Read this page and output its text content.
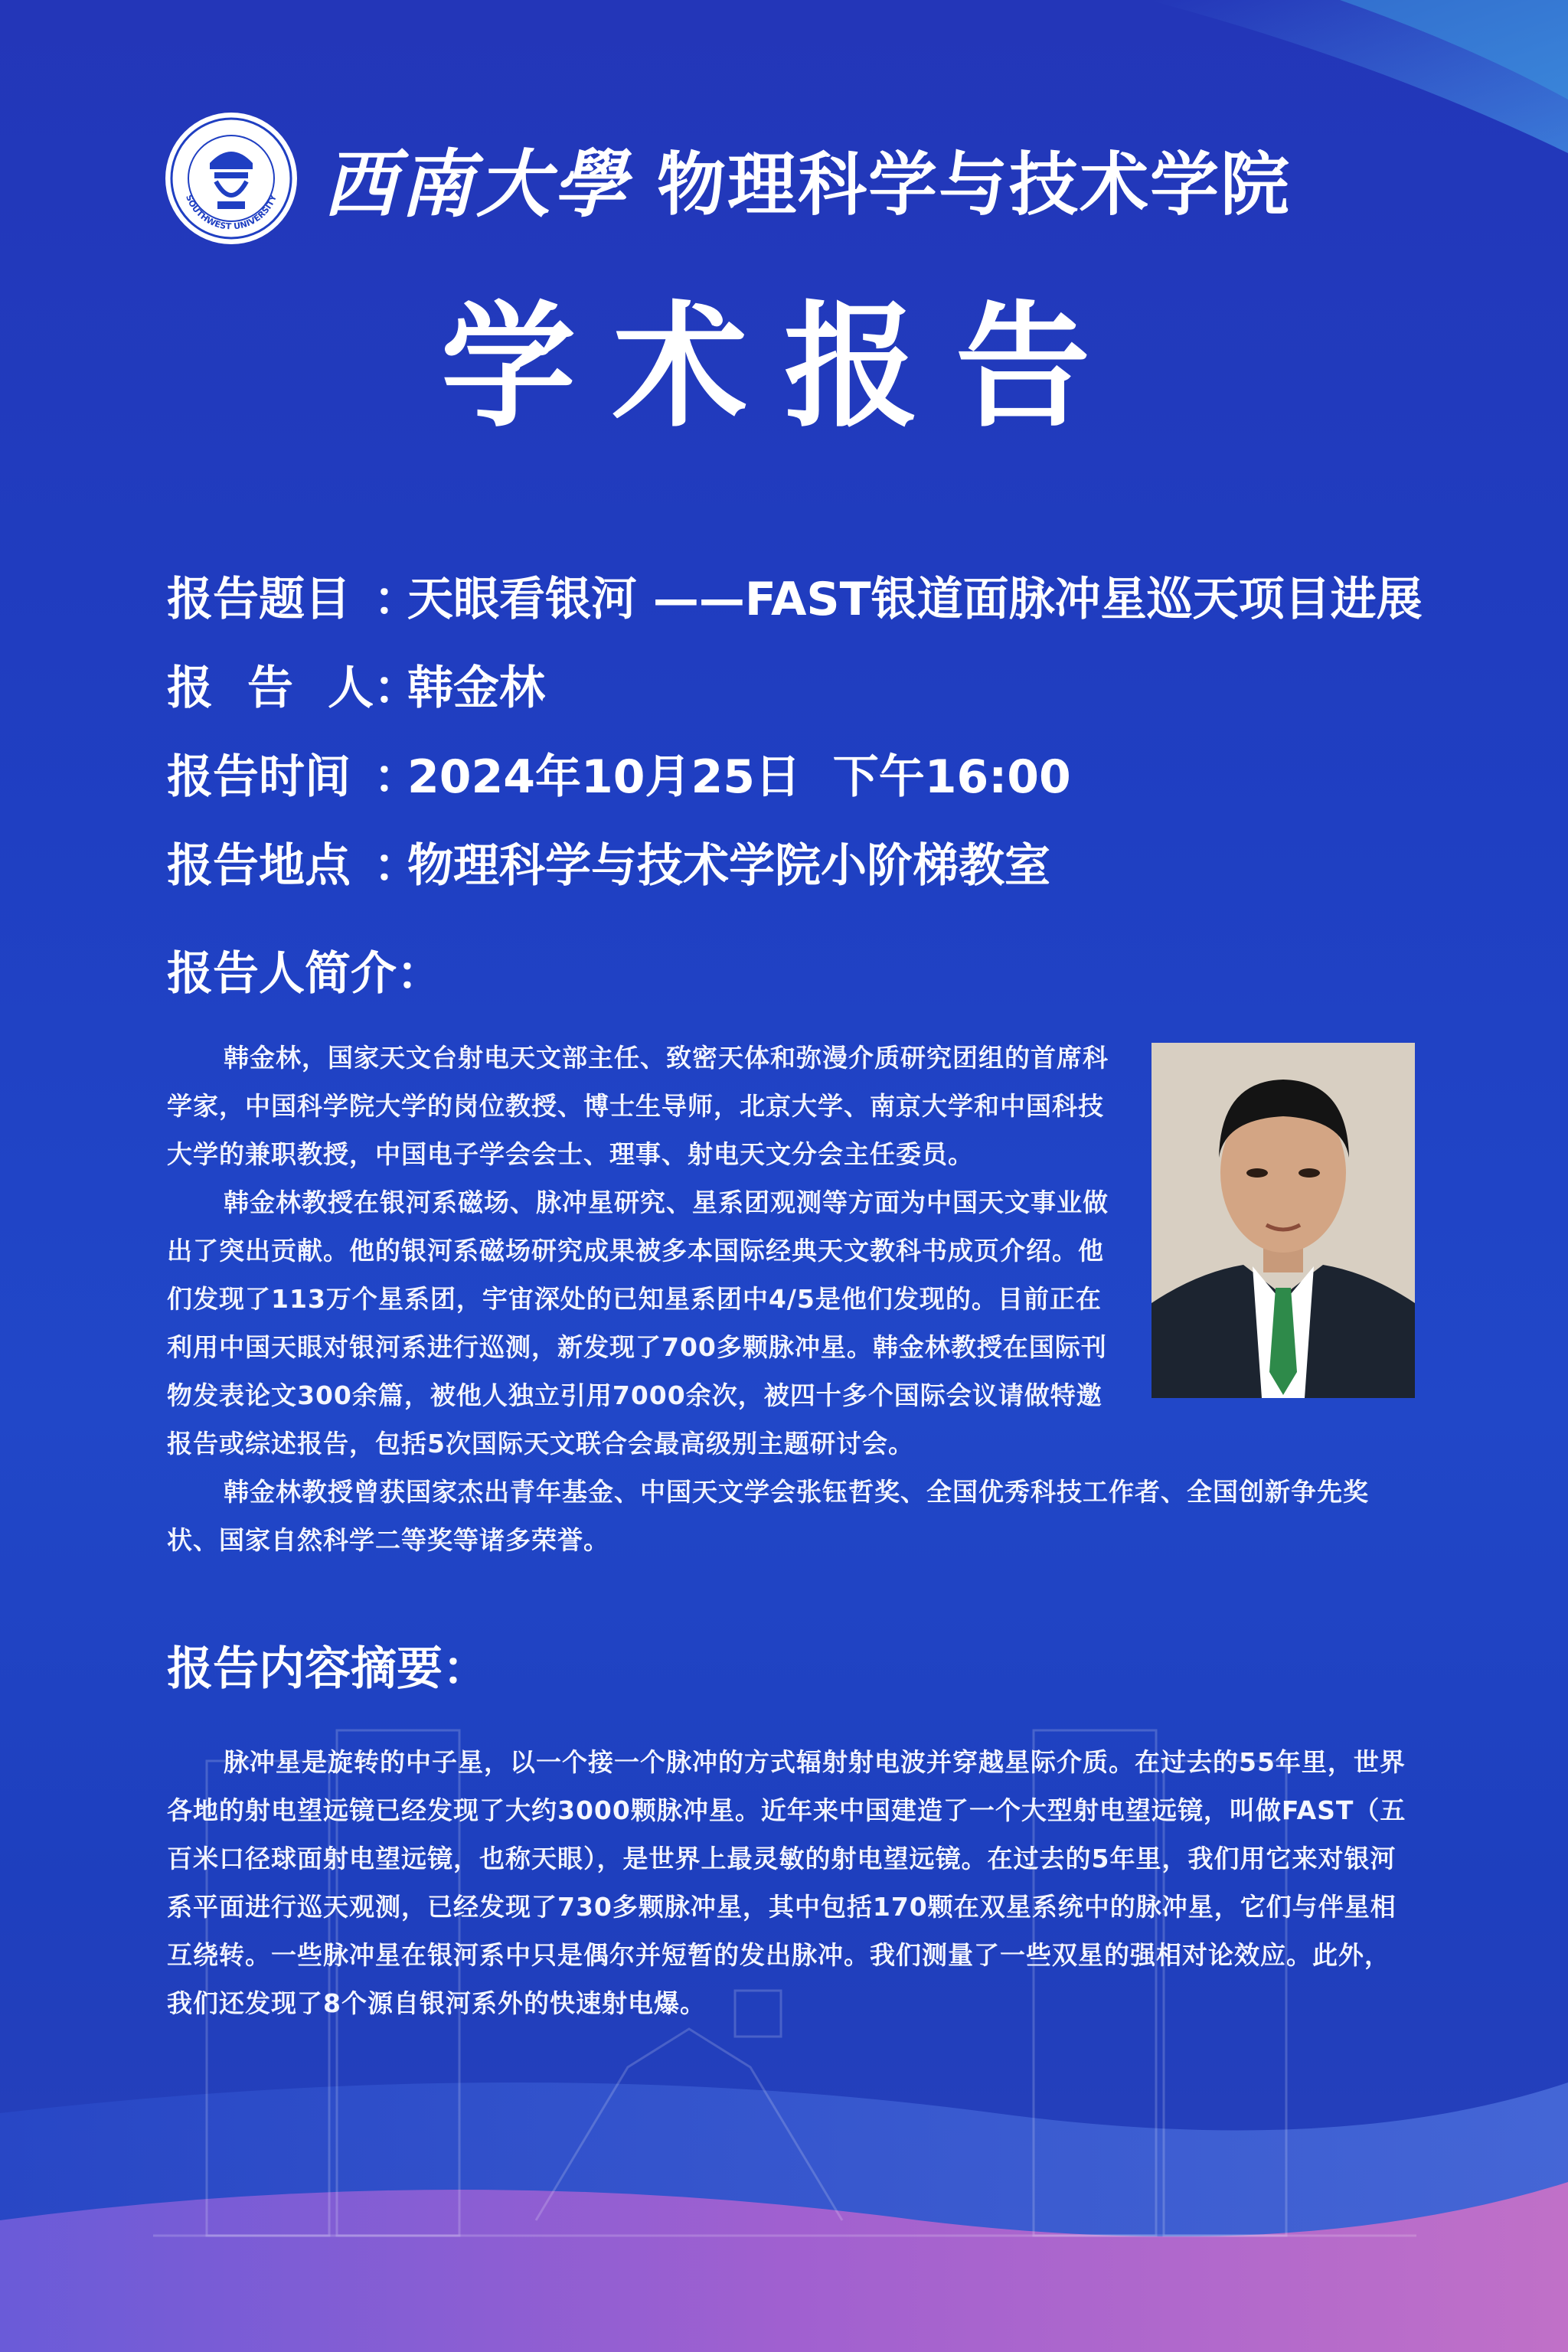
SOUTHWEST UNIVERSITY 西南大學 物理科学与技术学院
学术报告
报告题目 ：
天眼看银河 ——FAST银道面脉冲星巡天项目进展
报 告 人 ：
韩金林
报告时间 ：
2024年10月25日  下午16:00
报告地点 ：
物理科学与技术学院小阶梯教室
报告人简介：

韩金林，国家天文台射电天文部主任、致密天体和弥漫介质研究团组的首席科学家，中国科学院大学的岗位教授、博士生导师，北京大学、南京大学和中国科技大学的兼职教授，中国电子学会会士、理事、射电天文分会主任委员。

韩金林教授在银河系磁场、脉冲星研究、星系团观测等方面为中国天文事业做出了突出贡献。他的银河系磁场研究成果被多本国际经典天文教科书成页介绍。他们发现了113万个星系团，宇宙深处的已知星系团中4/5是他们发现的。目前正在利用中国天眼对银河系进行巡测，新发现了700多颗脉冲星。韩金林教授在国际刊物发表论文300余篇，被他人独立引用7000余次，被四十多个国际会议请做特邀报告或综述报告，包括5次国际天文联合会最高级别主题研讨会。

韩金林教授曾获国家杰出青年基金、中国天文学会张钰哲奖、全国优秀科技工作者、全国创新争先奖状、国家自然科学二等奖等诸多荣誉。

报告内容摘要：

脉冲星是旋转的中子星，以一个接一个脉冲的方式辐射射电波并穿越星际介质。在过去的55年里，世界各地的射电望远镜已经发现了大约3000颗脉冲星。近年来中国建造了一个大型射电望远镜，叫做FAST（五百米口径球面射电望远镜，也称天眼），是世界上最灵敏的射电望远镜。在过去的5年里，我们用它来对银河系平面进行巡天观测，已经发现了730多颗脉冲星，其中包括170颗在双星系统中的脉冲星，它们与伴星相互绕转。一些脉冲星在银河系中只是偶尔并短暂的发出脉冲。我们测量了一些双星的强相对论效应。此外，我们还发现了8个源自银河系外的快速射电爆。
